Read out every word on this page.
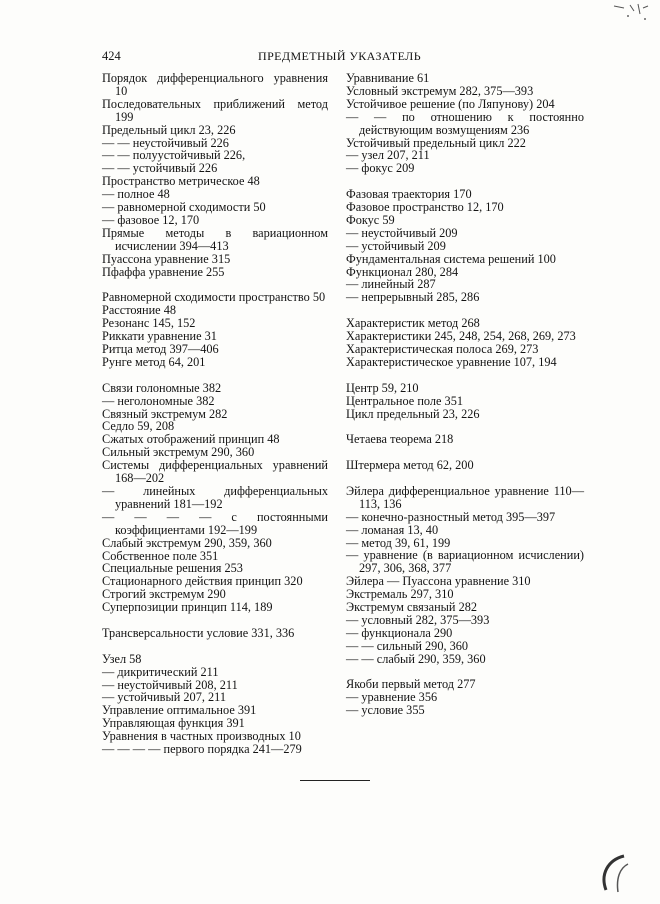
424	ПРЕДМЕТНЫЙ УКАЗАТЕЛЬ
Порядок дифференциального уравнения 10
Последовательных приближений метод 199
Предельный цикл 23, 226
— — неустойчивый 226
— — полуустойчивый 226,
— — устойчивый 226
Пространство метрическое 48
— полное 48
— равномерной сходимости 50
— фазовое 12, 170
Прямые методы в вариационном исчислении 394—413
Пуассона уравнение 315
Пфаффа уравнение 255
Равномерной сходимости пространство 50
Расстояние 48
Резонанс 145, 152
Риккати уравнение 31
Ритца метод 397—406
Рунге метод 64, 201
Связи голономные 382
— неголономные 382
Связный экстремум 282
Седло 59, 208
Сжатых отображений принцип 48
Сильный экстремум 290, 360
Системы дифференциальных уравнений 168—202
— линейных дифференциальных уравнений 181—192
— — — — с постоянными коэффициентами 192—199
Слабый экстремум 290, 359, 360
Собственное поле 351
Специальные решения 253
Стационарного действия принцип 320
Строгий экстремум 290
Суперпозиции принцип 114, 189
Трансверсальности условие 331, 336
Узел 58
— дикритический 211
— неустойчивый 208, 211
— устойчивый 207, 211
Управление оптимальное 391
Управляющая функция 391
Уравнения в частных производных 10
— — — — первого порядка 241—279
Уравнивание 61
Условный экстремум 282, 375—393
Устойчивое решение (по Ляпунову) 204
— — по отношению к постоянно действующим возмущениям 236
Устойчивый предельный цикл 222
— узел 207, 211
— фокус 209
Фазовая траектория 170
Фазовое пространство 12, 170
Фокус 59
— неустойчивый 209
— устойчивый 209
Фундаментальная система решений 100
Функционал 280, 284
— линейный 287
— непрерывный 285, 286
Характеристик метод 268
Характеристики 245, 248, 254, 268, 269, 273
Характеристическая полоса 269, 273
Характеристическое уравнение 107, 194
Центр 59, 210
Центральное поле 351
Цикл предельный 23, 226
Четаева теорема 218
Штермера метод 62, 200
Эйлера дифференциальное уравнение 110—113, 136
— конечно-разностный метод 395—397
— ломаная 13, 40
— метод 39, 61, 199
— уравнение (в вариационном исчислении) 297, 306, 368, 377
Эйлера — Пуассона уравнение 310
Экстремаль 297, 310
Экстремум связаный 282
— условный 282, 375—393
— функционала 290
— — сильный 290, 360
— — слабый 290, 359, 360
Якоби первый метод 277
— уравнение 356
— условие 355
